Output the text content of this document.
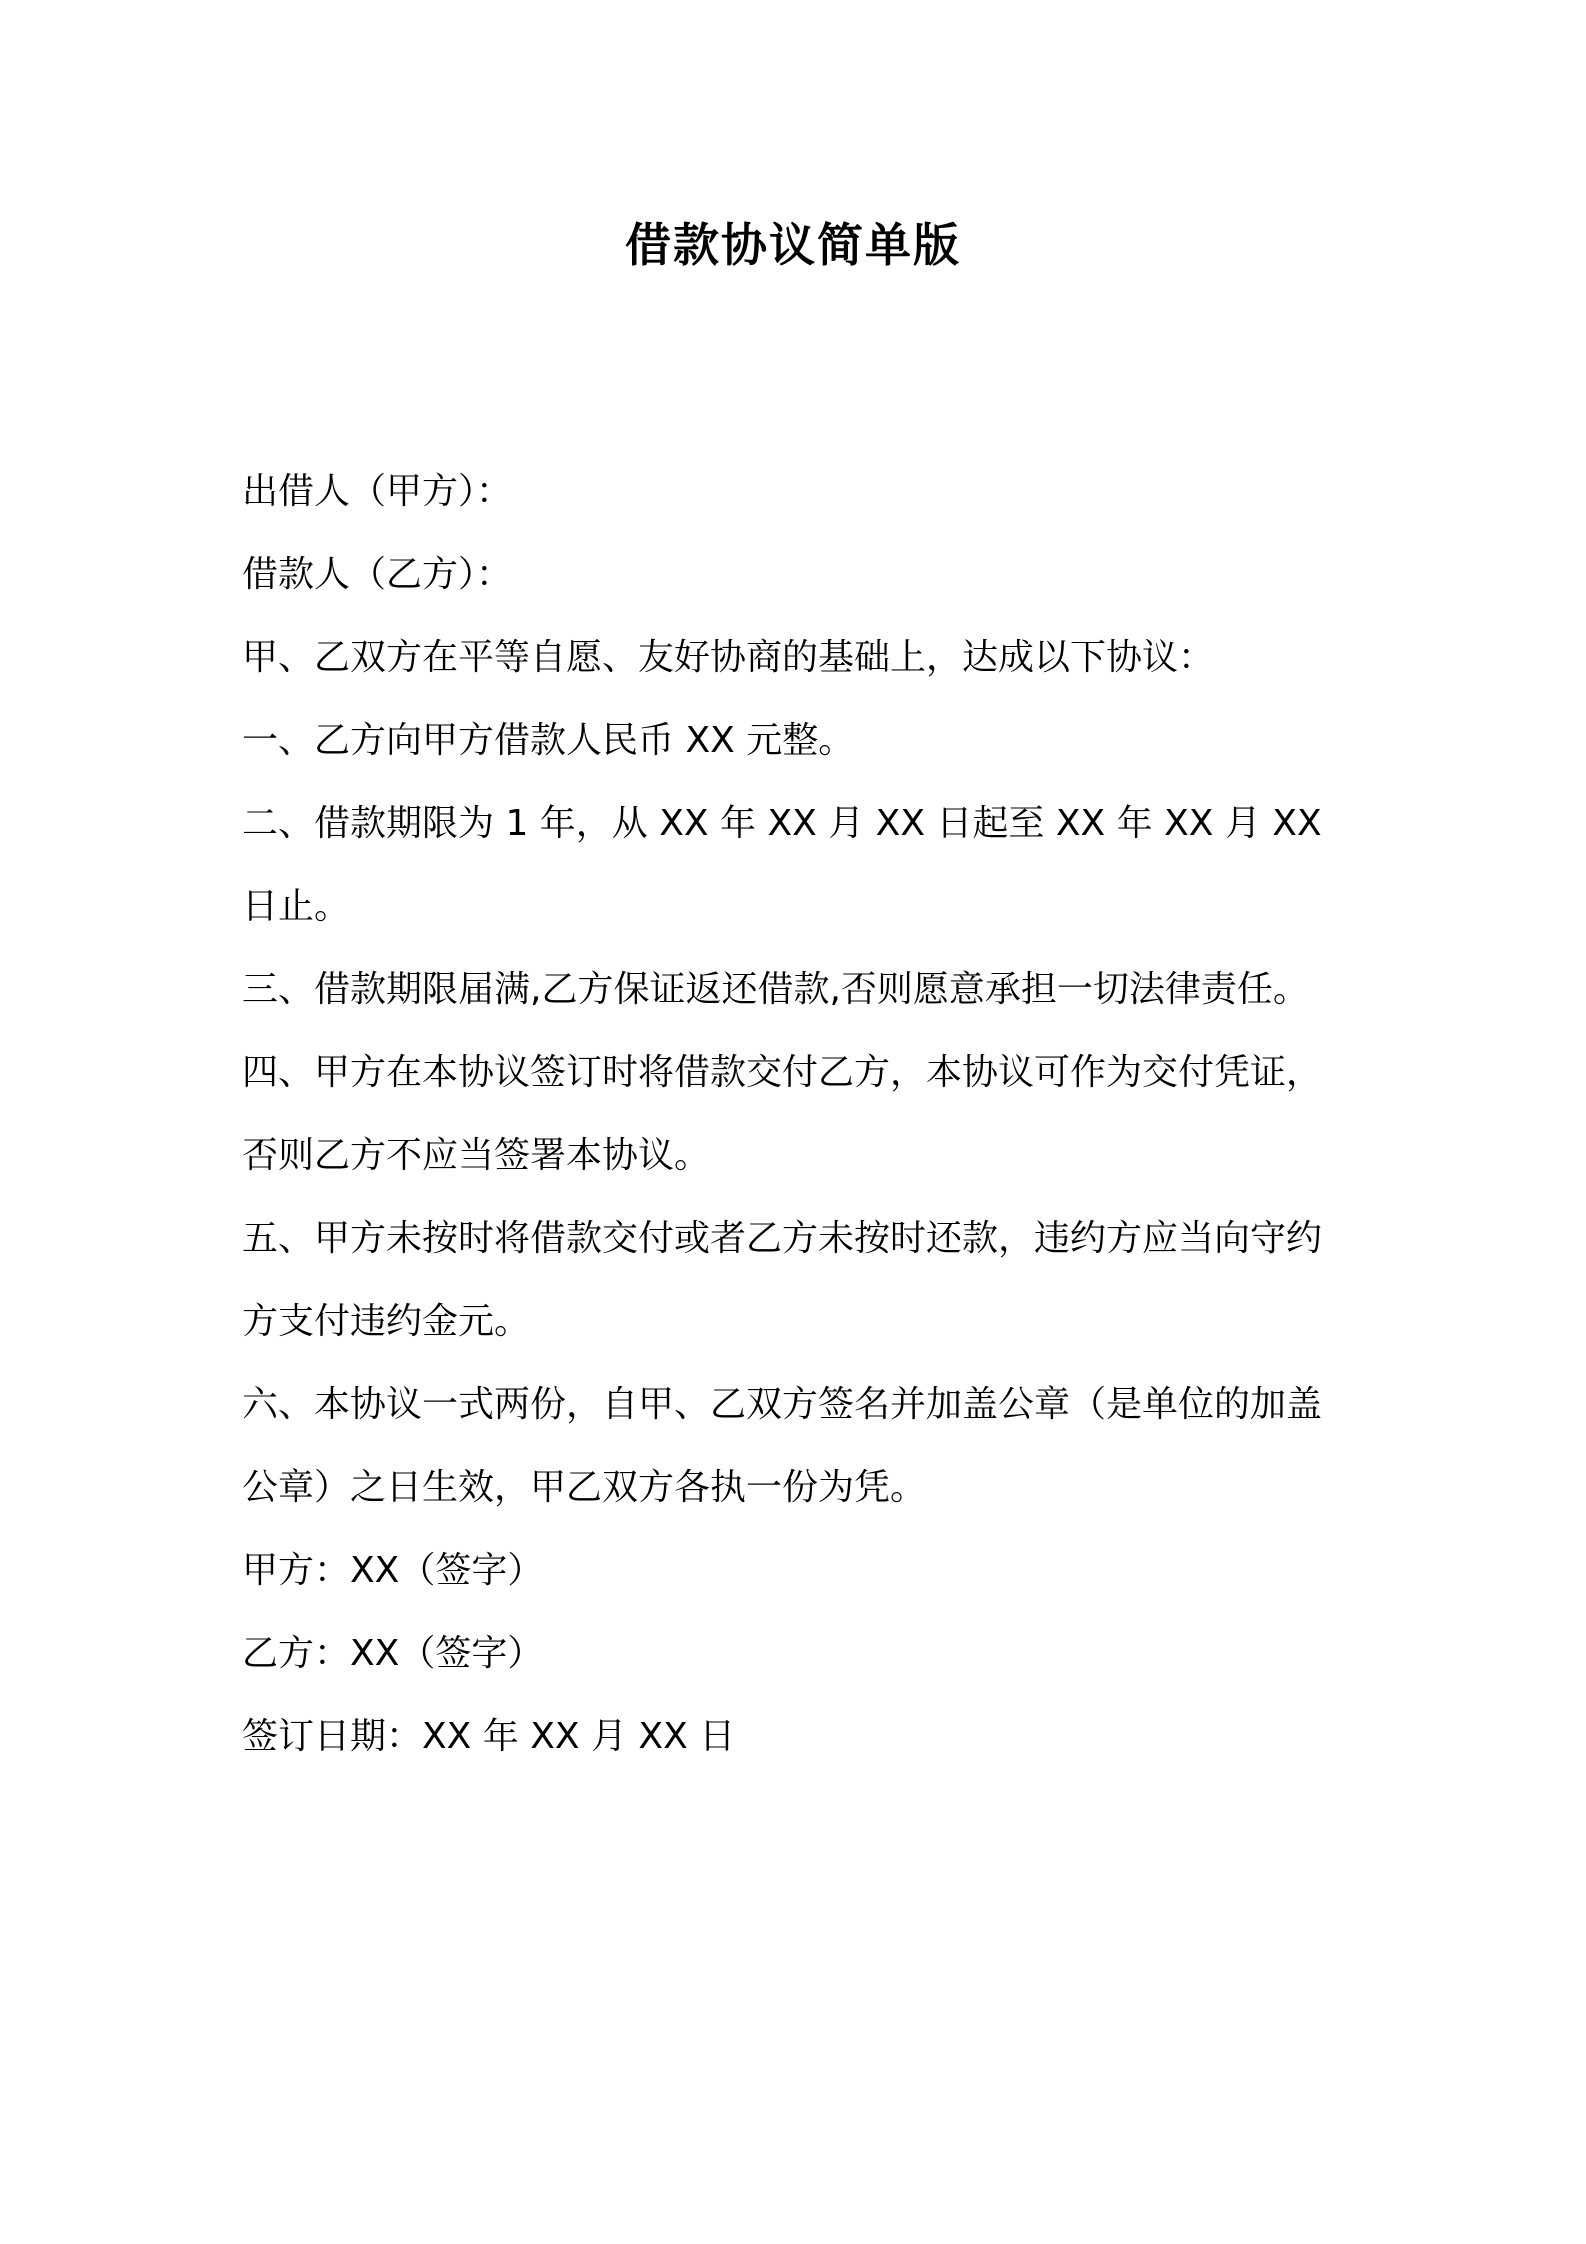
借款协议简单版

出借人（甲方）：

借款人（乙方）：

甲、乙双方在平等自愿、友好协商的基础上，达成以下协议：

一、乙方向甲方借款人民币 XX 元整。

二、借款期限为 1 年，从 XX 年 XX 月 XX 日起至 XX 年 XX 月 XX 日止。

三、借款期限届满,乙方保证返还借款,否则愿意承担一切法律责任。

四、甲方在本协议签订时将借款交付乙方，本协议可作为交付凭证，否则乙方不应当签署本协议。

五、甲方未按时将借款交付或者乙方未按时还款，违约方应当向守约方支付违约金元。

六、本协议一式两份，自甲、乙双方签名并加盖公章（是单位的加盖公章）之日生效，甲乙双方各执一份为凭。

甲方：XX（签字）

乙方：XX（签字）

签订日期：XX 年 XX 月 XX 日
